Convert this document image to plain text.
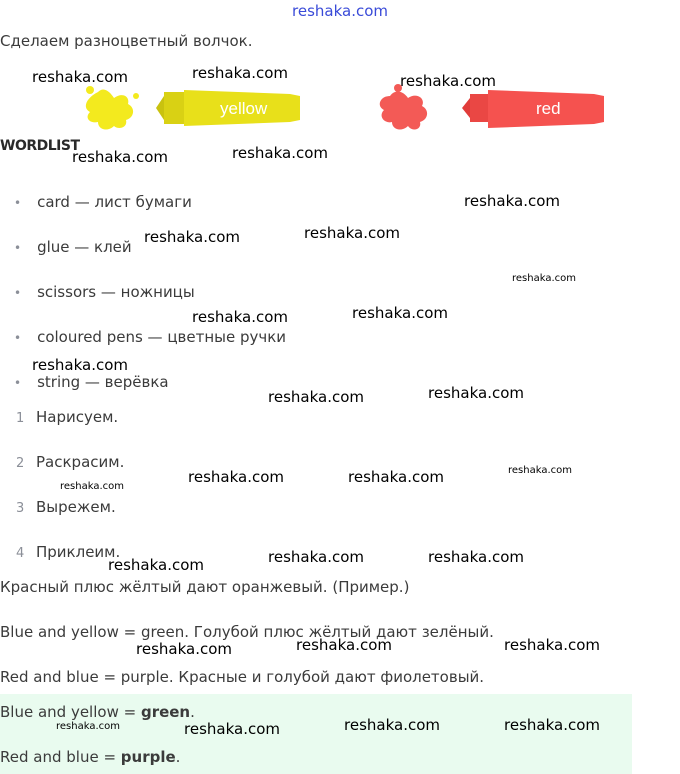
reshaka.com
Сделаем разноцветный волчок.
yellow	red
WORDLIST
• card — лист бумаги
• glue — клей
• scissors — ножницы
• coloured pens — цветные ручки
• string — верёвка
1 Нарисуем.
2 Раскрасим.
3 Вырежем.
4 Приклеим.
Красный плюс жёлтый дают оранжевый. (Пример.)
Blue and yellow = green. Голубой плюс жёлтый дают зелёный.
Red and blue = purple. Красные и голубой дают фиолетовый.
Blue and yellow = green.
Red and blue = purple.
reshaka.com	reshaka.com	reshaka.com
reshaka.com	reshaka.com
reshaka.com
reshaka.com	reshaka.com
reshaka.com
reshaka.com	reshaka.com
reshaka.com
reshaka.com	reshaka.com
reshaka.com	reshaka.com	reshaka.com
reshaka.com
reshaka.com	reshaka.com	reshaka.com
reshaka.com	reshaka.com	reshaka.com
reshaka.com	reshaka.com	reshaka.com	reshaka.com
